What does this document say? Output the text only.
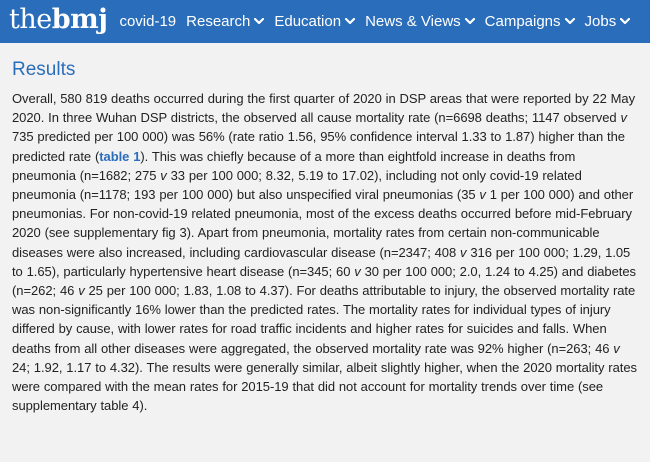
the bmj covid-19 Research Education News & Views Campaigns Jobs
Results

Overall, 580 819 deaths occurred during the first quarter of 2020 in DSP areas that were reported by 22 May 2020. In three Wuhan DSP districts, the observed all cause mortality rate (n=6698 deaths; 1147 observed v 735 predicted per 100 000) was 56% (rate ratio 1.56, 95% confidence interval 1.33 to 1.87) higher than the predicted rate (table 1). This was chiefly because of a more than eightfold increase in deaths from pneumonia (n=1682; 275 v 33 per 100 000; 8.32, 5.19 to 17.02), including not only covid-19 related pneumonia (n=1178; 193 per 100 000) but also unspecified viral pneumonias (35 v 1 per 100 000) and other pneumonias. For non-covid-19 related pneumonia, most of the excess deaths occurred before mid-February 2020 (see supplementary fig 3). Apart from pneumonia, mortality rates from certain non-communicable diseases were also increased, including cardiovascular disease (n=2347; 408 v 316 per 100 000; 1.29, 1.05 to 1.65), particularly hypertensive heart disease (n=345; 60 v 30 per 100 000; 2.0, 1.24 to 4.25) and diabetes (n=262; 46 v 25 per 100 000; 1.83, 1.08 to 4.37). For deaths attributable to injury, the observed mortality rate was non-significantly 16% lower than the predicted rates. The mortality rates for individual types of injury differed by cause, with lower rates for road traffic incidents and higher rates for suicides and falls. When deaths from all other diseases were aggregated, the observed mortality rate was 92% higher (n=263; 46 v 24; 1.92, 1.17 to 4.32). The results were generally similar, albeit slightly higher, when the 2020 mortality rates were compared with the mean rates for 2015-19 that did not account for mortality trends over time (see supplementary table 4).
